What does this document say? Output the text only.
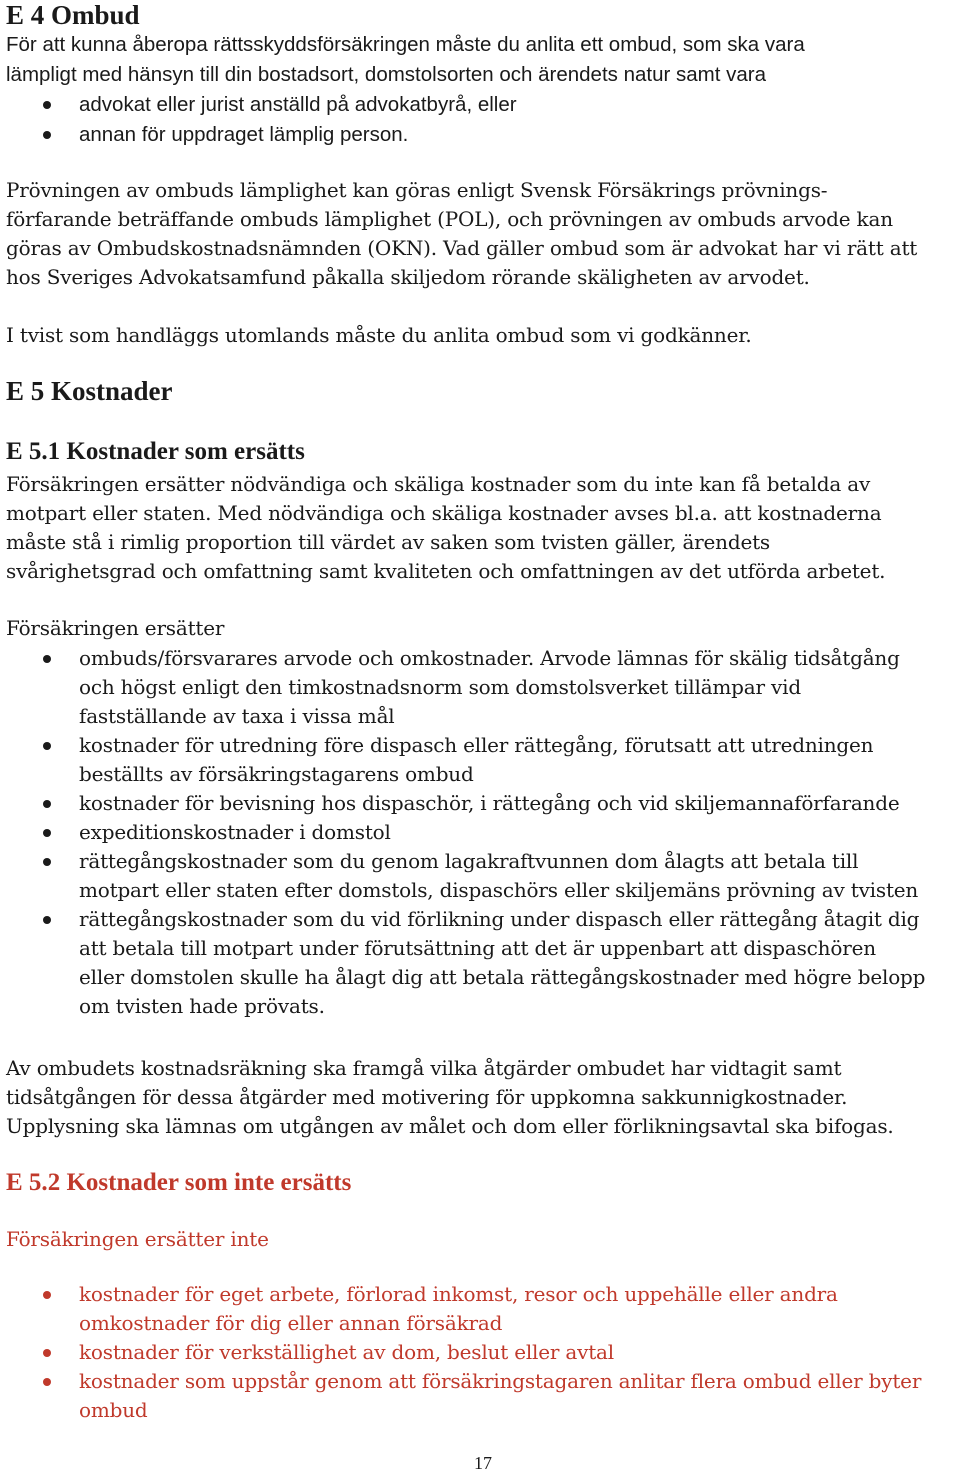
E 4 Ombud
För att kunna åberopa rättsskyddsförsäkringen måste du anlita ett ombud, som ska vara
lämpligt med hänsyn till din bostadsort, domstolsorten och ärendets natur samt vara
advokat eller jurist anställd på advokatbyrå, eller
annan för uppdraget lämplig person.
Prövningen av ombuds lämplighet kan göras enligt Svensk Försäkrings prövnings-
förfarande beträffande ombuds lämplighet (POL), och prövningen av ombuds arvode kan
göras av Ombudskostnadsnämnden (OKN). Vad gäller ombud som är advokat har vi rätt att
hos Sveriges Advokatsamfund påkalla skiljedom rörande skäligheten av arvodet.
I tvist som handläggs utomlands måste du anlita ombud som vi godkänner.
E 5 Kostnader
E 5.1 Kostnader som ersätts
Försäkringen ersätter nödvändiga och skäliga kostnader som du inte kan få betalda av
motpart eller staten. Med nödvändiga och skäliga kostnader avses bl.a. att kostnaderna
måste stå i rimlig proportion till värdet av saken som tvisten gäller, ärendets
svårighetsgrad och omfattning samt kvaliteten och omfattningen av det utförda arbetet.
Försäkringen ersätter
ombuds/försvarares arvode och omkostnader. Arvode lämnas för skälig tidsåtgång
och högst enligt den timkostnadsnorm som domstolsverket tillämpar vid
fastställande av taxa i vissa mål
kostnader för utredning före dispasch eller rättegång, förutsatt att utredningen
beställts av försäkringstagarens ombud
kostnader för bevisning hos dispaschör, i rättegång och vid skiljemannaförfarande
expeditionskostnader i domstol
rättegångskostnader som du genom lagakraftvunnen dom ålagts att betala till
motpart eller staten efter domstols, dispaschörs eller skiljemäns prövning av tvisten
rättegångskostnader som du vid förlikning under dispasch eller rättegång åtagit dig
att betala till motpart under förutsättning att det är uppenbart att dispaschören
eller domstolen skulle ha ålagt dig att betala rättegångskostnader med högre belopp
om tvisten hade prövats.
Av ombudets kostnadsräkning ska framgå vilka åtgärder ombudet har vidtagit samt
tidsåtgången för dessa åtgärder med motivering för uppkomna sakkunnigkostnader.
Upplysning ska lämnas om utgången av målet och dom eller förlikningsavtal ska bifogas.
E 5.2 Kostnader som inte ersätts
Försäkringen ersätter inte
kostnader för eget arbete, förlorad inkomst, resor och uppehälle eller andra
omkostnader för dig eller annan försäkrad
kostnader för verkställighet av dom, beslut eller avtal
kostnader som uppstår genom att försäkringstagaren anlitar flera ombud eller byter
ombud
17
